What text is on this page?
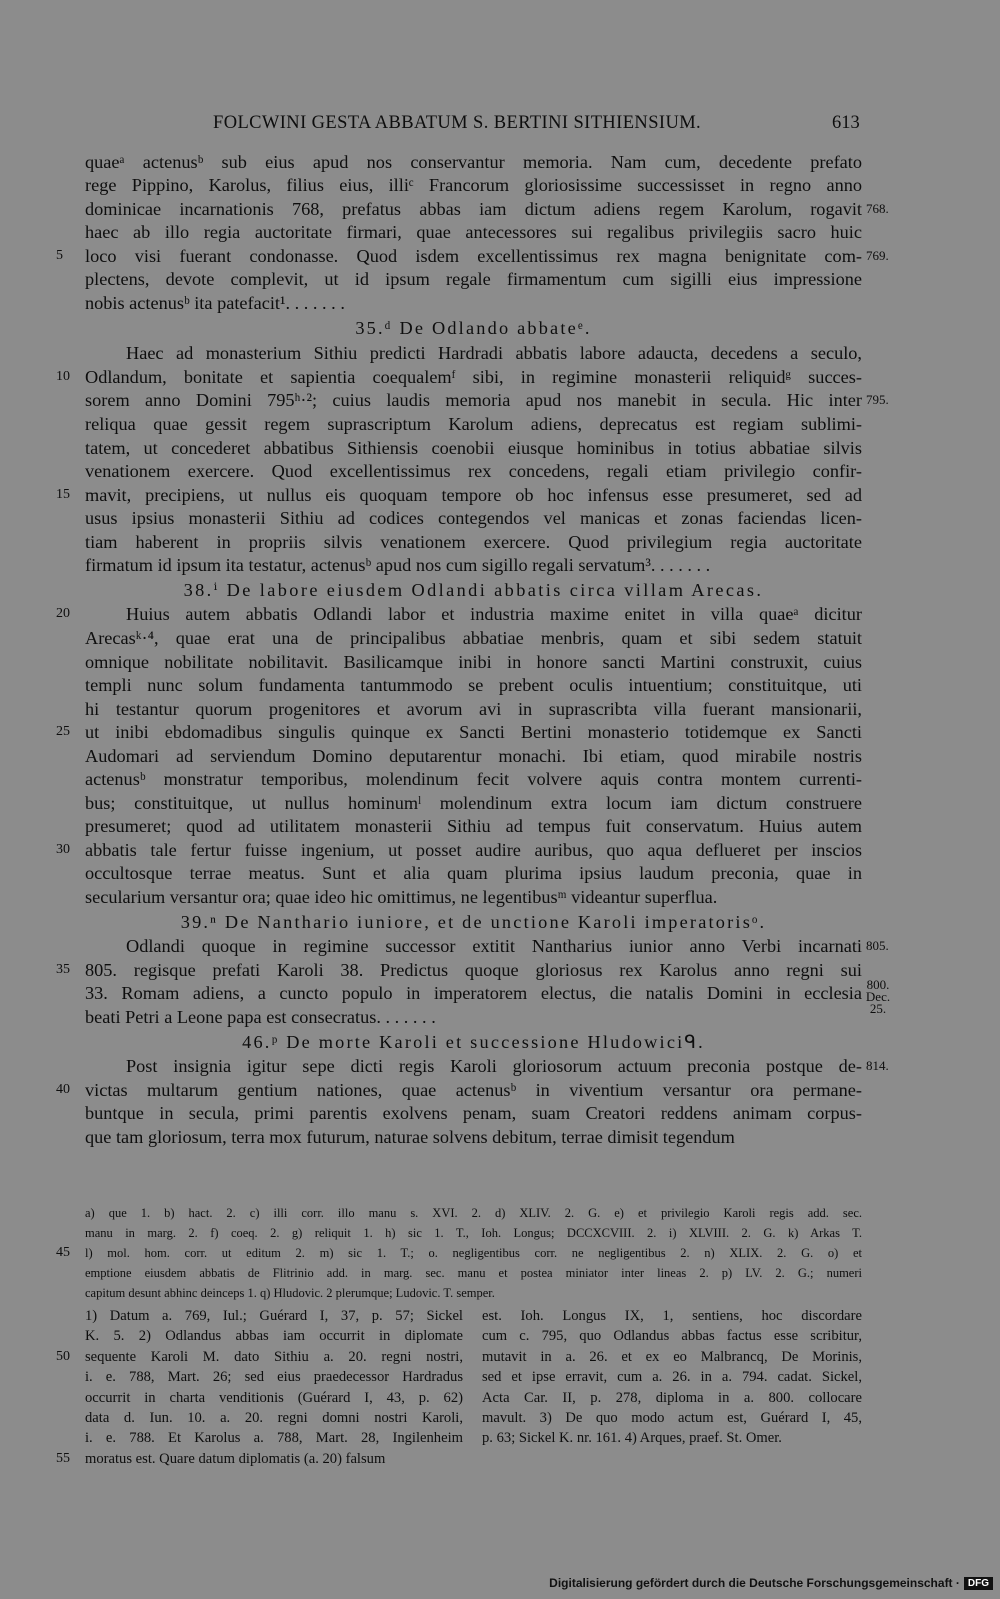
FOLCWINI GESTA ABBATUM S. BERTINI SITHIENSIUM.	613
quaeᵃ actenusᵇ sub eius apud nos conservantur memoria. Nam cum, decedente prefato
rege Pippino, Karolus, filius eius, illiᶜ Francorum gloriosissime successisset in regno anno
dominicae incarnationis 768, prefatus abbas iam dictum adiens regem Karolum, rogavit 768.
haec ab illo regia auctoritate firmari, quae antecessores sui regalibus privilegiis sacro huic
loco visi fuerant condonasse. Quod isdem excellentissimus rex magna benignitate com-
5	769.
plectens, devote complevit, ut id ipsum regale firmamentum cum sigilli eius impressione
nobis actenusᵇ ita patefacit¹. . . . . . .
35.ᵈ De Odlando abbateᵉ.
Haec ad monasterium Sithiu predicti Hardradi abbatis labore adaucta, decedens a seculo,
Odlandum, bonitate et sapientia coequalemᶠ sibi, in regimine monasterii reliquidᵍ succes-
10
sorem anno Domini 795ʰ·²; cuius laudis memoria apud nos manebit in secula. Hic inter 795.
reliqua quae gessit regem suprascriptum Karolum adiens, deprecatus est regiam sublimi-
tatem, ut concederet abbatibus Sithiensis coenobii eiusque hominibus in totius abbatiae silvis
venationem exercere. Quod excellentissimus rex concedens, regali etiam privilegio confir-
mavit, precipiens, ut nullus eis quoquam tempore ob hoc infensus esse presumeret, sed ad
15
usus ipsius monasterii Sithiu ad codices contegendos vel manicas et zonas faciendas licen-
tiam haberent in propriis silvis venationem exercere. Quod privilegium regia auctoritate
firmatum id ipsum ita testatur, actenusᵇ apud nos cum sigillo regali servatum³. . . . . . .
38.ⁱ De labore eiusdem Odlandi abbatis circa villam Arecas.
Huius autem abbatis Odlandi labor et industria maxime enitet in villa quaeᵃ dicitur
20
Arecasᵏ·⁴, quae erat una de principalibus abbatiae menbris, quam et sibi sedem statuit
omnique nobilitate nobilitavit. Basilicamque inibi in honore sancti Martini construxit, cuius
templi nunc solum fundamenta tantummodo se prebent oculis intuentium; constituitque, uti
hi testantur quorum progenitores et avorum avi in suprascribta villa fuerant mansionarii,
ut inibi ebdomadibus singulis quinque ex Sancti Bertini monasterio totidemque ex Sancti
25
Audomari ad serviendum Domino deputarentur monachi. Ibi etiam, quod mirabile nostris
actenusᵇ monstratur temporibus, molendinum fecit volvere aquis contra montem currenti-
bus; constituitque, ut nullus hominumˡ molendinum extra locum iam dictum construere
presumeret; quod ad utilitatem monasterii Sithiu ad tempus fuit conservatum. Huius autem
abbatis tale fertur fuisse ingenium, ut posset audire auribus, quo aqua deflueret per inscios
30
occultosque terrae meatus. Sunt et alia quam plurima ipsius laudum preconia, quae in
secularium versantur ora; quae ideo hic omittimus, ne legentibusᵐ videantur superflua.
39.ⁿ De Nanthario iuniore, et de unctione Karoli imperatorisᵒ.
Odlandi quoque in regimine successor extitit Nantharius iunior anno Verbi incarnati 805.
805. regisque prefati Karoli 38. Predictus quoque gloriosus rex Karolus anno regni sui
35
33. Romam adiens, a cuncto populo in imperatorem electus, die natalis Domini in ecclesia 800. Dec. 25.
beati Petri a Leone papa est consecratus. . . . . . .
46.ᵖ De morte Karoli et successione Hludowiciᑫ.
Post insignia igitur sepe dicti regis Karoli gloriosorum actuum preconia postque de- 814.
victas multarum gentium nationes, quae actenusᵇ in viventium versantur ora permane-
40
buntque in secula, primi parentis exolvens penam, suam Creatori reddens animam corpus-
que tam gloriosum, terra mox futurum, naturae solvens debitum, terrae dimisit tegendum
a) que 1. b) hact. 2. c) illi corr. illo manu s. XVI. 2. d) XLIV. 2. G. e) et privilegio Karoli regis add. sec.
manu in marg. 2. f) coeq. 2. g) reliquit 1. h) sic 1. T., Ioh. Longus; DCCXCVIII. 2. i) XLVIII. 2. G. k) Arkas T.
l) mol. hom. corr. ut editum 2. m) sic 1. T.; o. negligentibus corr. ne negligentibus 2. n) XLIX. 2. G. o) et
45
emptione eiusdem abbatis de Flitrinio add. in marg. sec. manu et postea miniator inter lineas 2. p) LV. 2. G.; numeri
capitum desunt abhinc deinceps 1. q) Hludovic. 2 plerumque; Ludovic. T. semper.
1) Datum a. 769, Iul.; Guérard I, 37, p. 57; Sickel
K. 5. 2) Odlandus abbas iam occurrit in diplomate
sequente Karoli M. dato Sithiu a. 20. regni nostri,
50
i. e. 788, Mart. 26; sed eius praedecessor Hardradus
occurrit in charta venditionis (Guérard I, 43, p. 62)
data d. Iun. 10. a. 20. regni domni nostri Karoli,
i. e. 788. Et Karolus a. 788, Mart. 28, Ingilenheim
moratus est. Quare datum diplomatis (a. 20) falsum
55
est. Ioh. Longus IX, 1, sentiens, hoc discordare
cum c. 795, quo Odlandus abbas factus esse scribitur,
mutavit in a. 26. et ex eo Malbrancq, De Morinis,
sed et ipse erravit, cum a. 26. in a. 794. cadat. Sickel,
Acta Car. II, p. 278, diploma in a. 800. collocare
mavult. 3) De quo modo actum est, Guérard I, 45,
p. 63; Sickel K. nr. 161. 4) Arques, praef. St. Omer.
Digitalisierung gefördert durch die Deutsche Forschungsgemeinschaft · DFG
